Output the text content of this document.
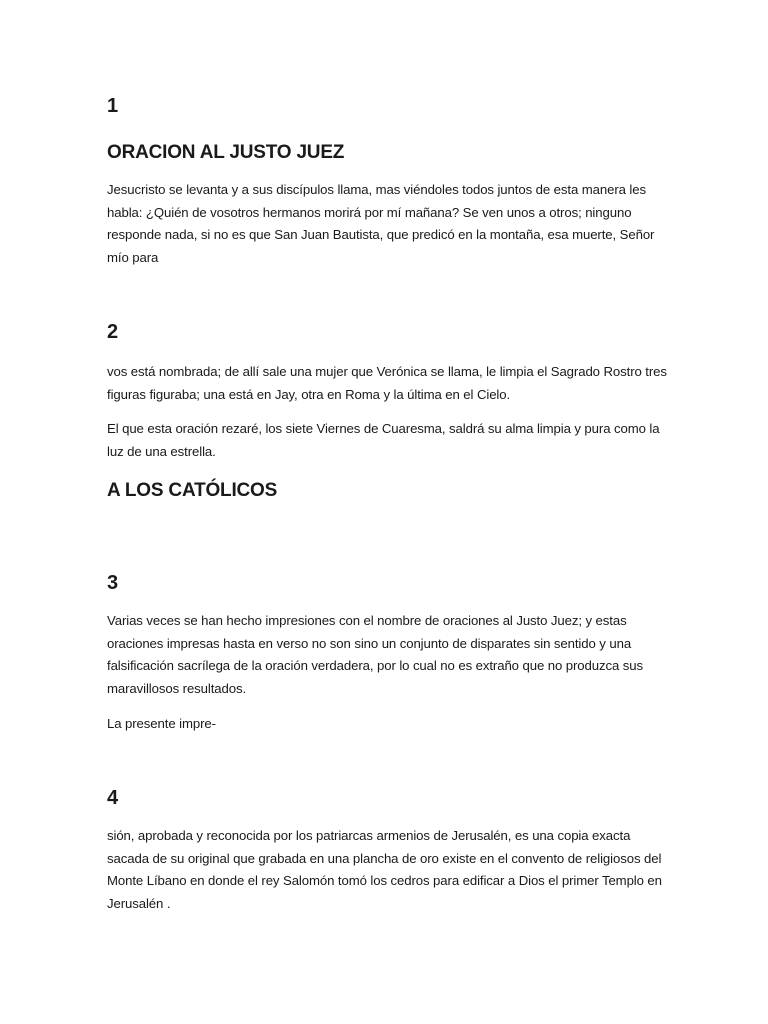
1
ORACION AL JUSTO JUEZ

Jesucristo se levanta y a sus discípulos llama, mas viéndoles todos juntos de esta manera les habla: ¿Quién de vosotros hermanos morirá por mí mañana? Se ven unos a otros; ninguno responde nada, si no es que San Juan Bautista, que predicó en la montaña, esa muerte, Señor mío para

2

vos está nombrada; de allí sale una mujer que Verónica se llama, le limpia el Sagrado Rostro tres figuras figuraba; una está en Jay, otra en Roma y la última en el Cielo.

El que esta oración rezaré, los siete Viernes de Cuaresma, saldrá su alma limpia y pura como la luz de una estrella.

A LOS CATÓLICOS
3

Varias veces se han hecho impresiones con el nombre de oraciones al Justo Juez; y estas oraciones impresas hasta en verso no son sino un conjunto de disparates sin sentido y una falsificación sacrílega de la oración verdadera, por lo cual no es extraño que no produzca sus maravillosos resultados.

La presente impre-

4

sión, aprobada y reconocida por los patriarcas armenios de Jerusalén, es una copia exacta sacada de su original que grabada en una plancha de oro existe en el convento de religiosos del Monte Líbano en donde el rey Salomón tomó los cedros para edificar a Dios el primer Templo en Jerusalén .
